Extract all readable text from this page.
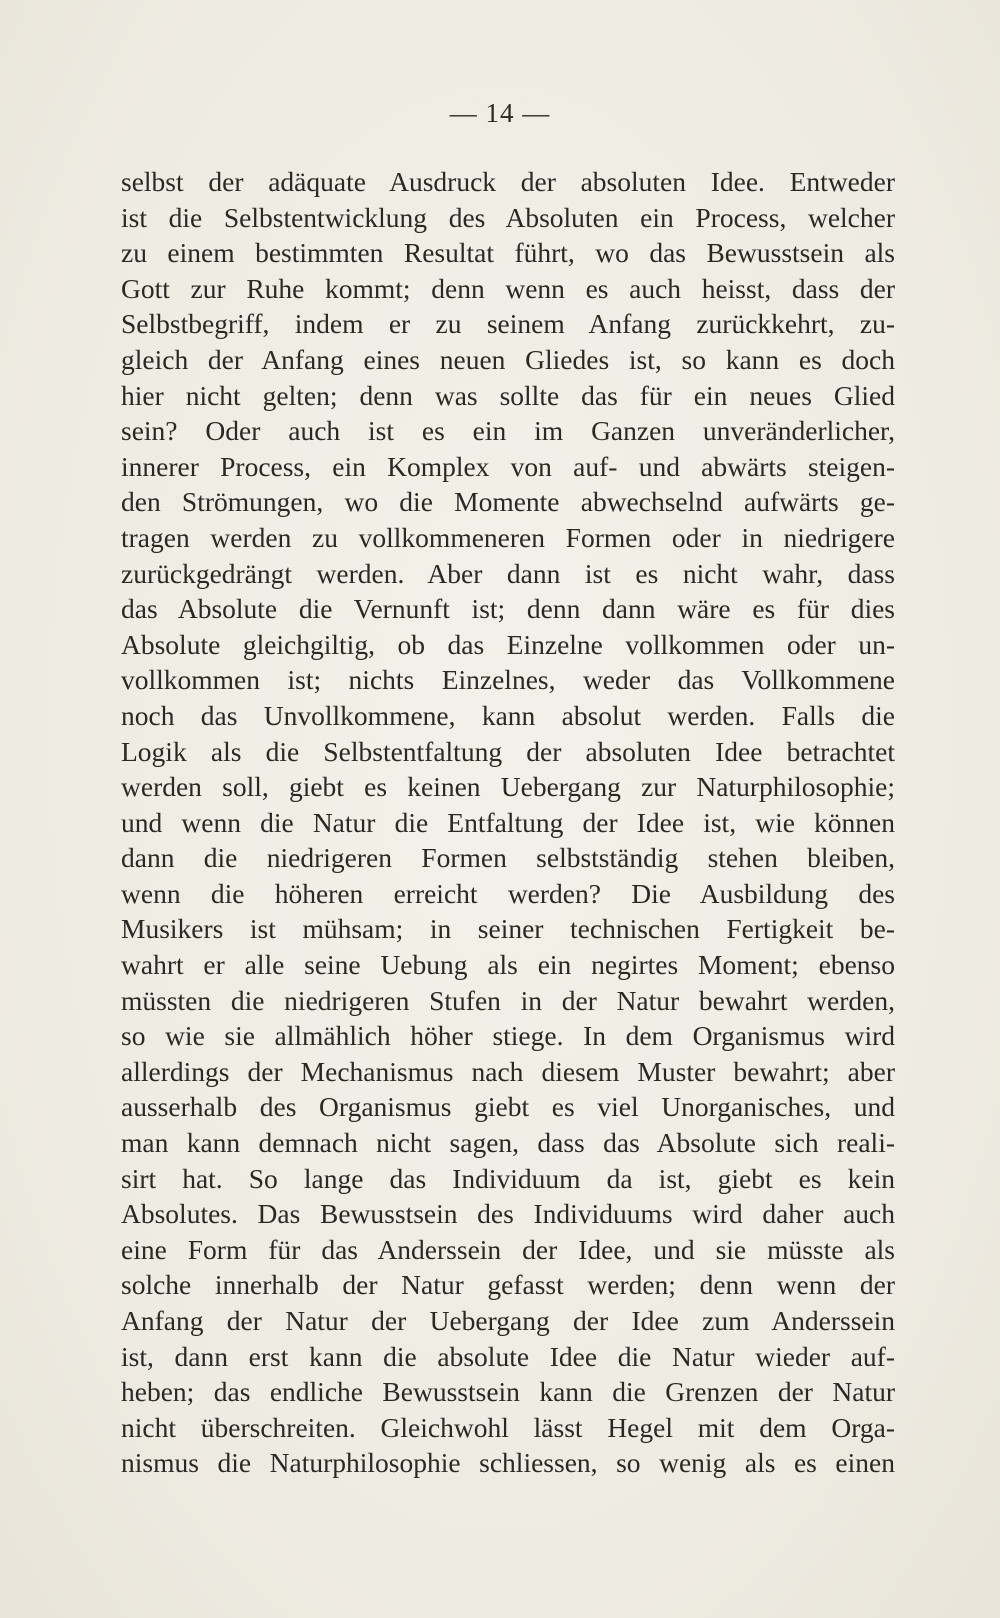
— 14 —
selbst der adäquate Ausdruck der absoluten Idee. Entweder
ist die Selbstentwicklung des Absoluten ein Process, welcher
zu einem bestimmten Resultat führt, wo das Bewusstsein als
Gott zur Ruhe kommt; denn wenn es auch heisst, dass der
Selbstbegriff, indem er zu seinem Anfang zurückkehrt, zu-
gleich der Anfang eines neuen Gliedes ist, so kann es doch
hier nicht gelten; denn was sollte das für ein neues Glied
sein? Oder auch ist es ein im Ganzen unveränderlicher,
innerer Process, ein Komplex von auf- und abwärts steigen-
den Strömungen, wo die Momente abwechselnd aufwärts ge-
tragen werden zu vollkommeneren Formen oder in niedrigere
zurückgedrängt werden. Aber dann ist es nicht wahr, dass
das Absolute die Vernunft ist; denn dann wäre es für dies
Absolute gleichgiltig, ob das Einzelne vollkommen oder un-
vollkommen ist; nichts Einzelnes, weder das Vollkommene
noch das Unvollkommene, kann absolut werden. Falls die
Logik als die Selbstentfaltung der absoluten Idee betrachtet
werden soll, giebt es keinen Uebergang zur Naturphilosophie;
und wenn die Natur die Entfaltung der Idee ist, wie können
dann die niedrigeren Formen selbstständig stehen bleiben,
wenn die höheren erreicht werden? Die Ausbildung des
Musikers ist mühsam; in seiner technischen Fertigkeit be-
wahrt er alle seine Uebung als ein negirtes Moment; ebenso
müssten die niedrigeren Stufen in der Natur bewahrt werden,
so wie sie allmählich höher stiege. In dem Organismus wird
allerdings der Mechanismus nach diesem Muster bewahrt; aber
ausserhalb des Organismus giebt es viel Unorganisches, und
man kann demnach nicht sagen, dass das Absolute sich reali-
sirt hat. So lange das Individuum da ist, giebt es kein
Absolutes. Das Bewusstsein des Individuums wird daher auch
eine Form für das Anderssein der Idee, und sie müsste als
solche innerhalb der Natur gefasst werden; denn wenn der
Anfang der Natur der Uebergang der Idee zum Anderssein
ist, dann erst kann die absolute Idee die Natur wieder auf-
heben; das endliche Bewusstsein kann die Grenzen der Natur
nicht überschreiten. Gleichwohl lässt Hegel mit dem Orga-
nismus die Naturphilosophie schliessen, so wenig als es einen
